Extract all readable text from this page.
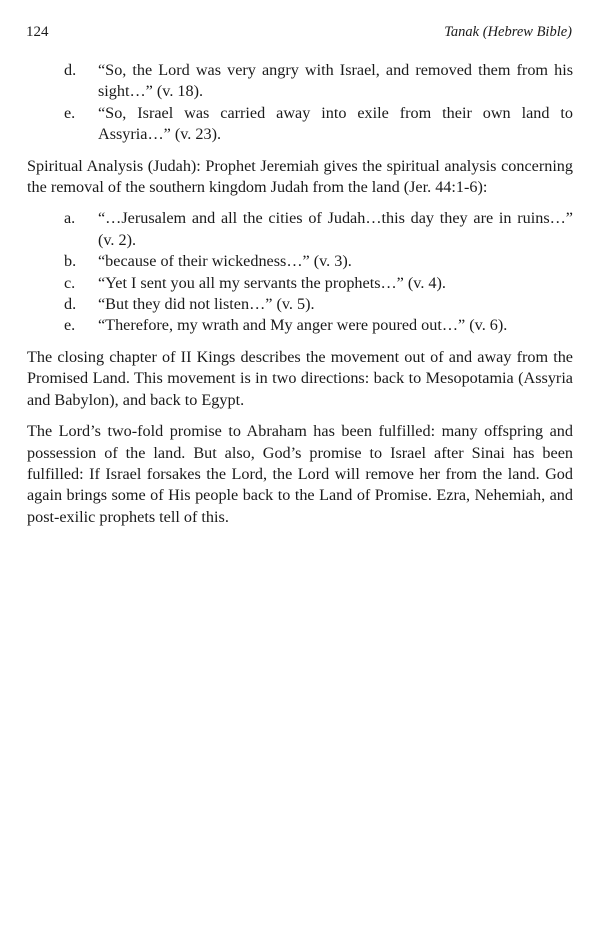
124	Tanak (Hebrew Bible)
d.	“So, the Lord was very angry with Israel, and removed them from his sight…” (v. 18).
e.	“So, Israel was carried away into exile from their own land to Assyria…” (v. 23).

Spiritual Analysis (Judah): Prophet Jeremiah gives the spiritual analysis concerning the removal of the southern kingdom Judah from the land (Jer. 44:1-6):

a.	“…Jerusalem and all the cities of Judah…this day they are in ruins…” (v. 2).
b.	“because of their wickedness…” (v. 3).
c.	“Yet I sent you all my servants the prophets…” (v. 4).
d.	“But they did not listen…” (v. 5).
e.	“Therefore, my wrath and My anger were poured out…” (v. 6).

The closing chapter of II Kings describes the movement out of and away from the Promised Land. This movement is in two directions: back to Mesopotamia (Assyria and Babylon), and back to Egypt.

The Lord’s two-fold promise to Abraham has been fulfilled: many offspring and possession of the land. But also, God’s promise to Israel after Sinai has been fulfilled: If Israel forsakes the Lord, the Lord will remove her from the land. God again brings some of His people back to the Land of Promise. Ezra, Nehemiah, and post-exilic prophets tell of this.
